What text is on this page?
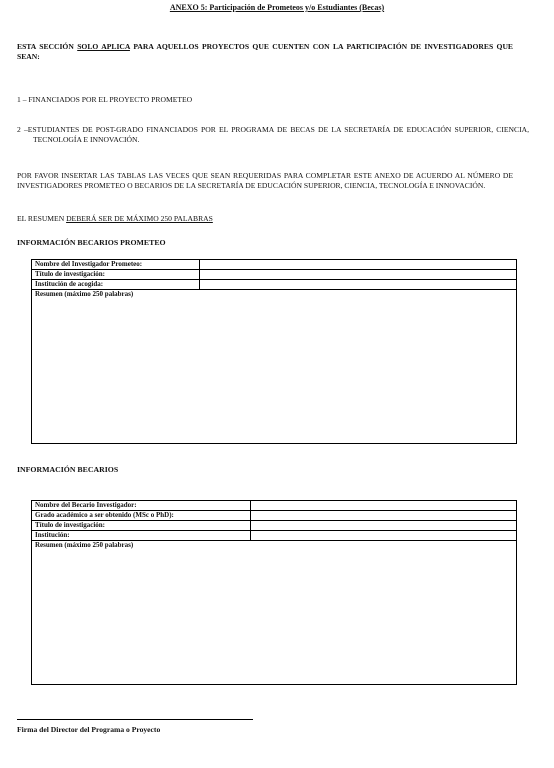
ANEXO 5: Participación de Prometeos y/o Estudiantes (Becas)
ESTA SECCIÓN SOLO APLICA PARA AQUELLOS PROYECTOS QUE CUENTEN CON LA PARTICIPACIÓN DE INVESTIGADORES QUE SEAN:
1 – FINANCIADOS POR EL PROYECTO PROMETEO
2 –ESTUDIANTES DE POST-GRADO FINANCIADOS POR EL PROGRAMA DE BECAS DE LA SECRETARÍA DE EDUCACIÓN SUPERIOR, CIENCIA, TECNOLOGÍA E INNOVACIÓN.
POR FAVOR INSERTAR LAS TABLAS LAS VECES QUE SEAN REQUERIDAS PARA COMPLETAR ESTE ANEXO DE ACUERDO AL NÚMERO DE INVESTIGADORES PROMETEO O BECARIOS DE LA SECRETARÍA DE EDUCACIÓN SUPERIOR, CIENCIA, TECNOLOGÍA E INNOVACIÓN.
EL RESUMEN DEBERÁ SER DE MÁXIMO 250 PALABRAS
INFORMACIÓN BECARIOS PROMETEO
Nombre del Investigador Prometeo:	
Título de investigación:	
Institución de acogida:	
Resumen (máximo 250 palabras)	
INFORMACIÓN BECARIOS
Nombre del Becario Investigador:	
Grado académico a ser obtenido (MSc o PhD):	
Título de investigación:	
Institución:	
Resumen (máximo 250 palabras)	
Firma del Director del Programa o Proyecto
